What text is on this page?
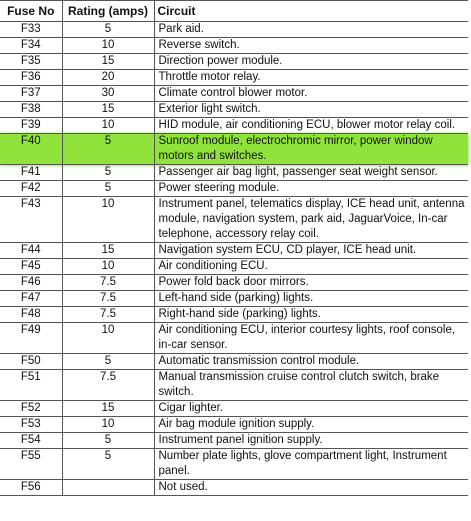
Fuse No	Rating (amps)	Circuit
F33	5	Park aid.
F34	10	Reverse switch.
F35	15	Direction power module.
F36	20	Throttle motor relay.
F37	30	Climate control blower motor.
F38	15	Exterior light switch.
F39	10	HID module, air conditioning ECU, blower motor relay coil.
F40	5	Sunroof module, electrochromic mirror, power window motors and switches.
F41	5	Passenger air bag light, passenger seat weight sensor.
F42	5	Power steering module.
F43	10	Instrument panel, telematics display, ICE head unit, antenna module, navigation system, park aid, JaguarVoice, In-car telephone, accessory relay coil.
F44	15	Navigation system ECU, CD player, ICE head unit.
F45	10	Air conditioning ECU.
F46	7.5	Power fold back door mirrors.
F47	7.5	Left-hand side (parking) lights.
F48	7.5	Right-hand side (parking) lights.
F49	10	Air conditioning ECU, interior courtesy lights, roof console, in-car sensor.
F50	5	Automatic transmission control module.
F51	7.5	Manual transmission cruise control clutch switch, brake switch.
F52	15	Cigar lighter.
F53	10	Air bag module ignition supply.
F54	5	Instrument panel ignition supply.
F55	5	Number plate lights, glove compartment light, Instrument panel.
F56		Not used.
